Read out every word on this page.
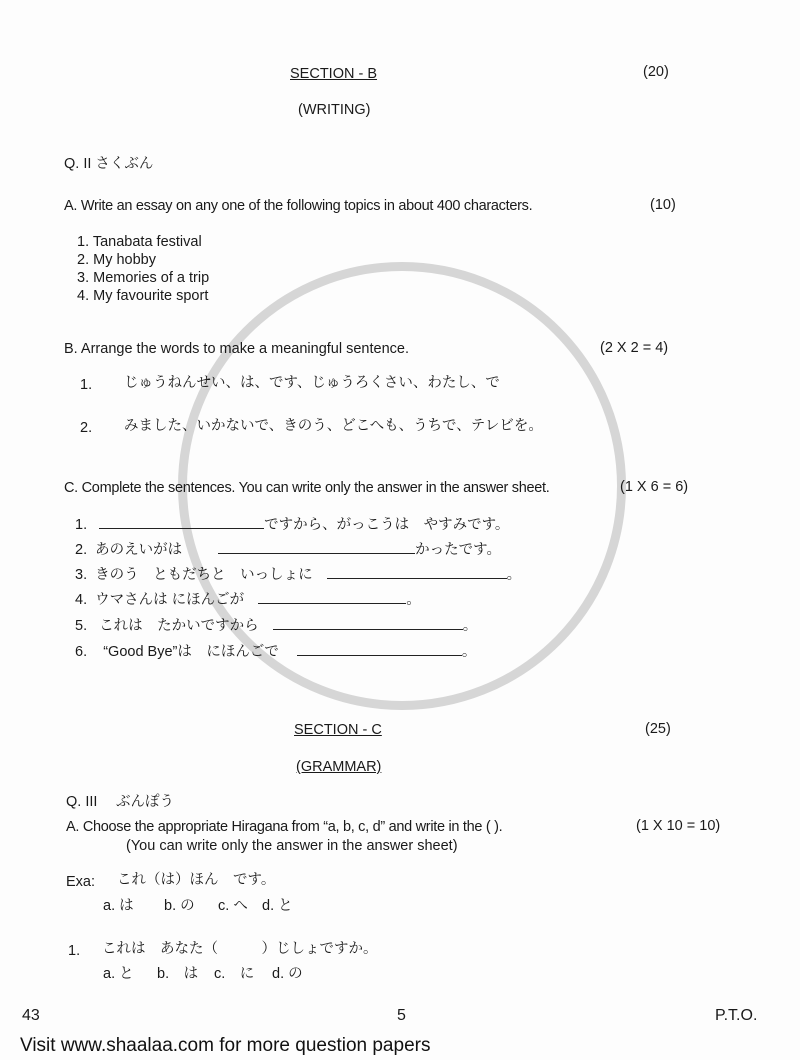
SECTION - B	(20)
(WRITING)
Q. II さくぶん
A. Write an essay on any one of the following topics in about 400 characters.	(10)
1. Tanabata festival
2. My hobby
3. Memories of a trip
4. My favourite sport
B. Arrange the words to make a meaningful sentence.	(2 X 2 = 4)
1. じゅうねんせい、は、です、じゅうろくさい、わたし、で
2. みました、いかないで、きのう、どこへも、うちで、テレビを。
C. Complete the sentences. You can write only the answer in the answer sheet.	(1 X 6 = 6)
1.	ですから、がっこうは　やすみです。
2. あのえいがは	かったです。
3. きのう　ともだちと　いっしょに	。
4. ウマさんは にほんごが	。
5. これは　たかいですから	。
6. “Good Bye”は　にほんごで	。
SECTION - C	(25)
(GRAMMAR)
Q. III　 ぶんぽう
A. Choose the appropriate Hiragana from “a, b, c, d” and write in the ( ).	(1 X 10 = 10)
(You can write only the answer in the answer sheet)
Exa: これ（は）ほん　です。
a. は b. の c. へ d. と
1. これは　あなた（　　　）じしょですか。
a. と b.　は c.　に d. の
43	5	P.T.O.
Visit www.shaalaa.com for more question papers
